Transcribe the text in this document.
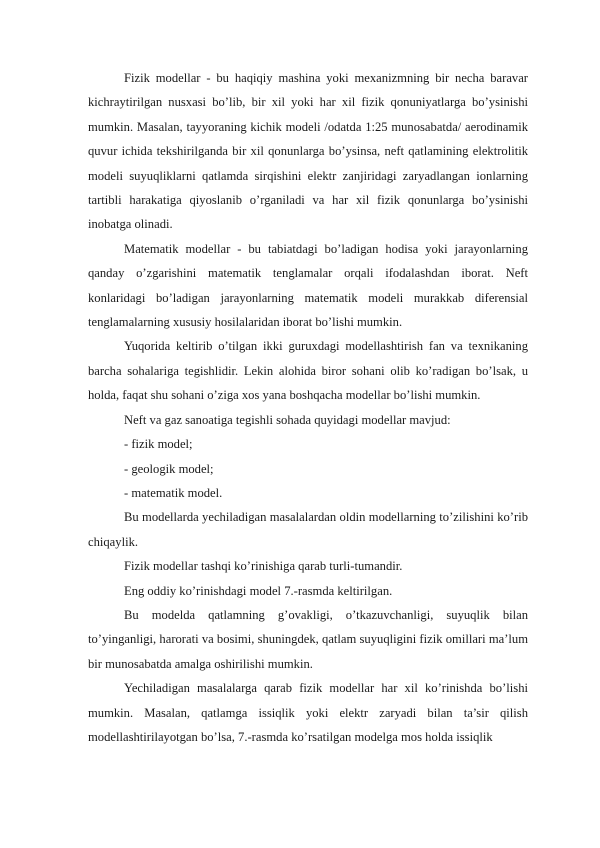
Fizik modellar - bu haqiqiy mashina yoki mexanizmning bir necha baravar kichraytirilgan nusxasi bo’lib, bir xil yoki har xil fizik qonuniyatlarga bo’ysinishi mumkin. Masalan, tayyoraning kichik modeli /odatda 1:25 munosabatda/ aerodinamik quvur ichida tekshirilganda bir xil qonunlarga bo’ysinsa, neft qatlamining elektrolitik modeli suyuqliklarni qatlamda sirqishini elektr zanjiridagi zaryadlangan ionlarning tartibli harakatiga qiyoslanib o’rganiladi va har xil fizik qonunlarga bo’ysinishi inobatga olinadi.

Matematik modellar - bu tabiatdagi bo’ladigan hodisa yoki jarayonlarning qanday o’zgarishini matematik tenglamalar orqali ifodalashdan iborat. Neft konlaridagi bo’ladigan jarayonlarning matematik modeli murakkab diferensial tenglamalarning xususiy hosilalaridan iborat bo’lishi mumkin.

Yuqorida keltirib o’tilgan ikki guruxdagi modellashtirish fan va texnikaning barcha sohalariga tegishlidir. Lekin alohida biror sohani olib ko’radigan bo’lsak, u holda, faqat shu sohani o’ziga xos yana boshqacha modellar bo’lishi mumkin.

Neft va gaz sanoatiga tegishli sohada quyidagi modellar mavjud:

- fizik model;

- geologik model;

- matematik model.

Bu modellarda yechiladigan masalalardan oldin modellarning to’zilishini ko’rib chiqaylik.

Fizik modellar tashqi ko’rinishiga qarab turli-tumandir.

Eng oddiy ko’rinishdagi model 7.-rasmda keltirilgan.

Bu modelda qatlamning g’ovakligi, o’tkazuvchanligi, suyuqlik bilan to’yinganligi, harorati va bosimi, shuningdek, qatlam suyuqligini fizik omillari ma’lum bir munosabatda amalga oshirilishi mumkin.

Yechiladigan masalalarga qarab fizik modellar har xil ko’rinishda bo’lishi mumkin. Masalan, qatlamga issiqlik yoki elektr zaryadi bilan ta’sir qilish modellashtirilayotgan bo’lsa, 7.-rasmda ko’rsatilgan modelga mos holda issiqlik
